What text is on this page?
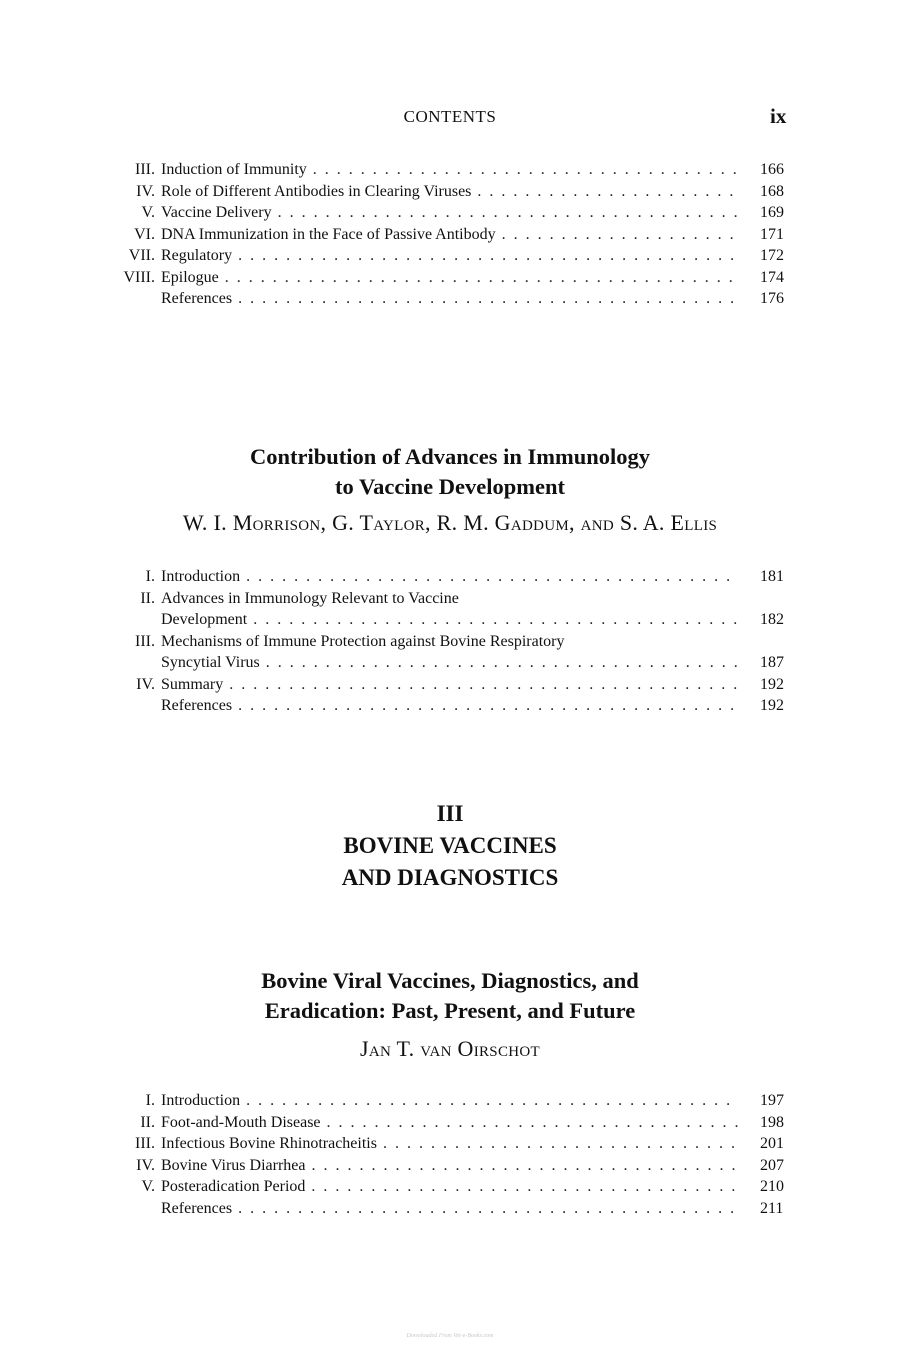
CONTENTS	ix
III. Induction of Immunity . . .	166
IV. Role of Different Antibodies in Clearing Viruses . . .	168
V. Vaccine Delivery . . .	169
VI. DNA Immunization in the Face of Passive Antibody . . .	171
VII. Regulatory . . .	172
VIII. Epilogue . . .	174
References . . .	176
Contribution of Advances in Immunology
to Vaccine Development
W. I. Morrison, G. Taylor, R. M. Gaddum, and S. A. Ellis
I. Introduction . . .	181
II. Advances in Immunology Relevant to Vaccine
Development . . .	182
III. Mechanisms of Immune Protection against Bovine Respiratory
Syncytial Virus . . .	187
IV. Summary . . .	192
References . . .	192
III
BOVINE VACCINES
AND DIAGNOSTICS
Bovine Viral Vaccines, Diagnostics, and
Eradication: Past, Present, and Future
Jan T. van Oirschot
I. Introduction . . .	197
II. Foot-and-Mouth Disease . . .	198
III. Infectious Bovine Rhinotracheitis . . .	201
IV. Bovine Virus Diarrhea . . .	207
V. Posteradication Period . . .	210
References . . .	211
Downloaded From Vet-e-Books.com
